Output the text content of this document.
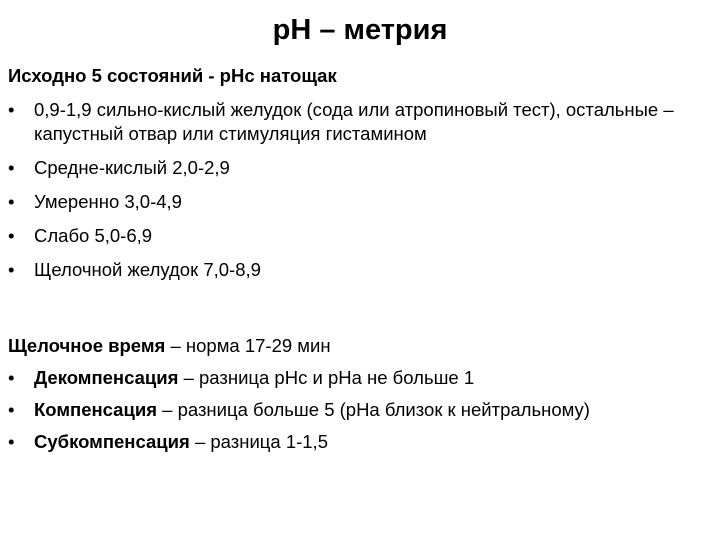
pH – метрия

Исходно 5 состояний - pHc натощак

• 0,9-1,9 сильно-кислый желудок (сода или атропиновый тест), остальные – капустный отвар или стимуляция гистамином
• Средне-кислый 2,0-2,9
• Умеренно 3,0-4,9
• Слабо 5,0-6,9
• Щелочной желудок 7,0-8,9

Щелочное время – норма 17-29 мин

• Декомпенсация – разница pHc и pHa не больше 1
• Компенсация – разница больше 5 (pHa близок к нейтральному)
• Субкомпенсация – разница 1-1,5
